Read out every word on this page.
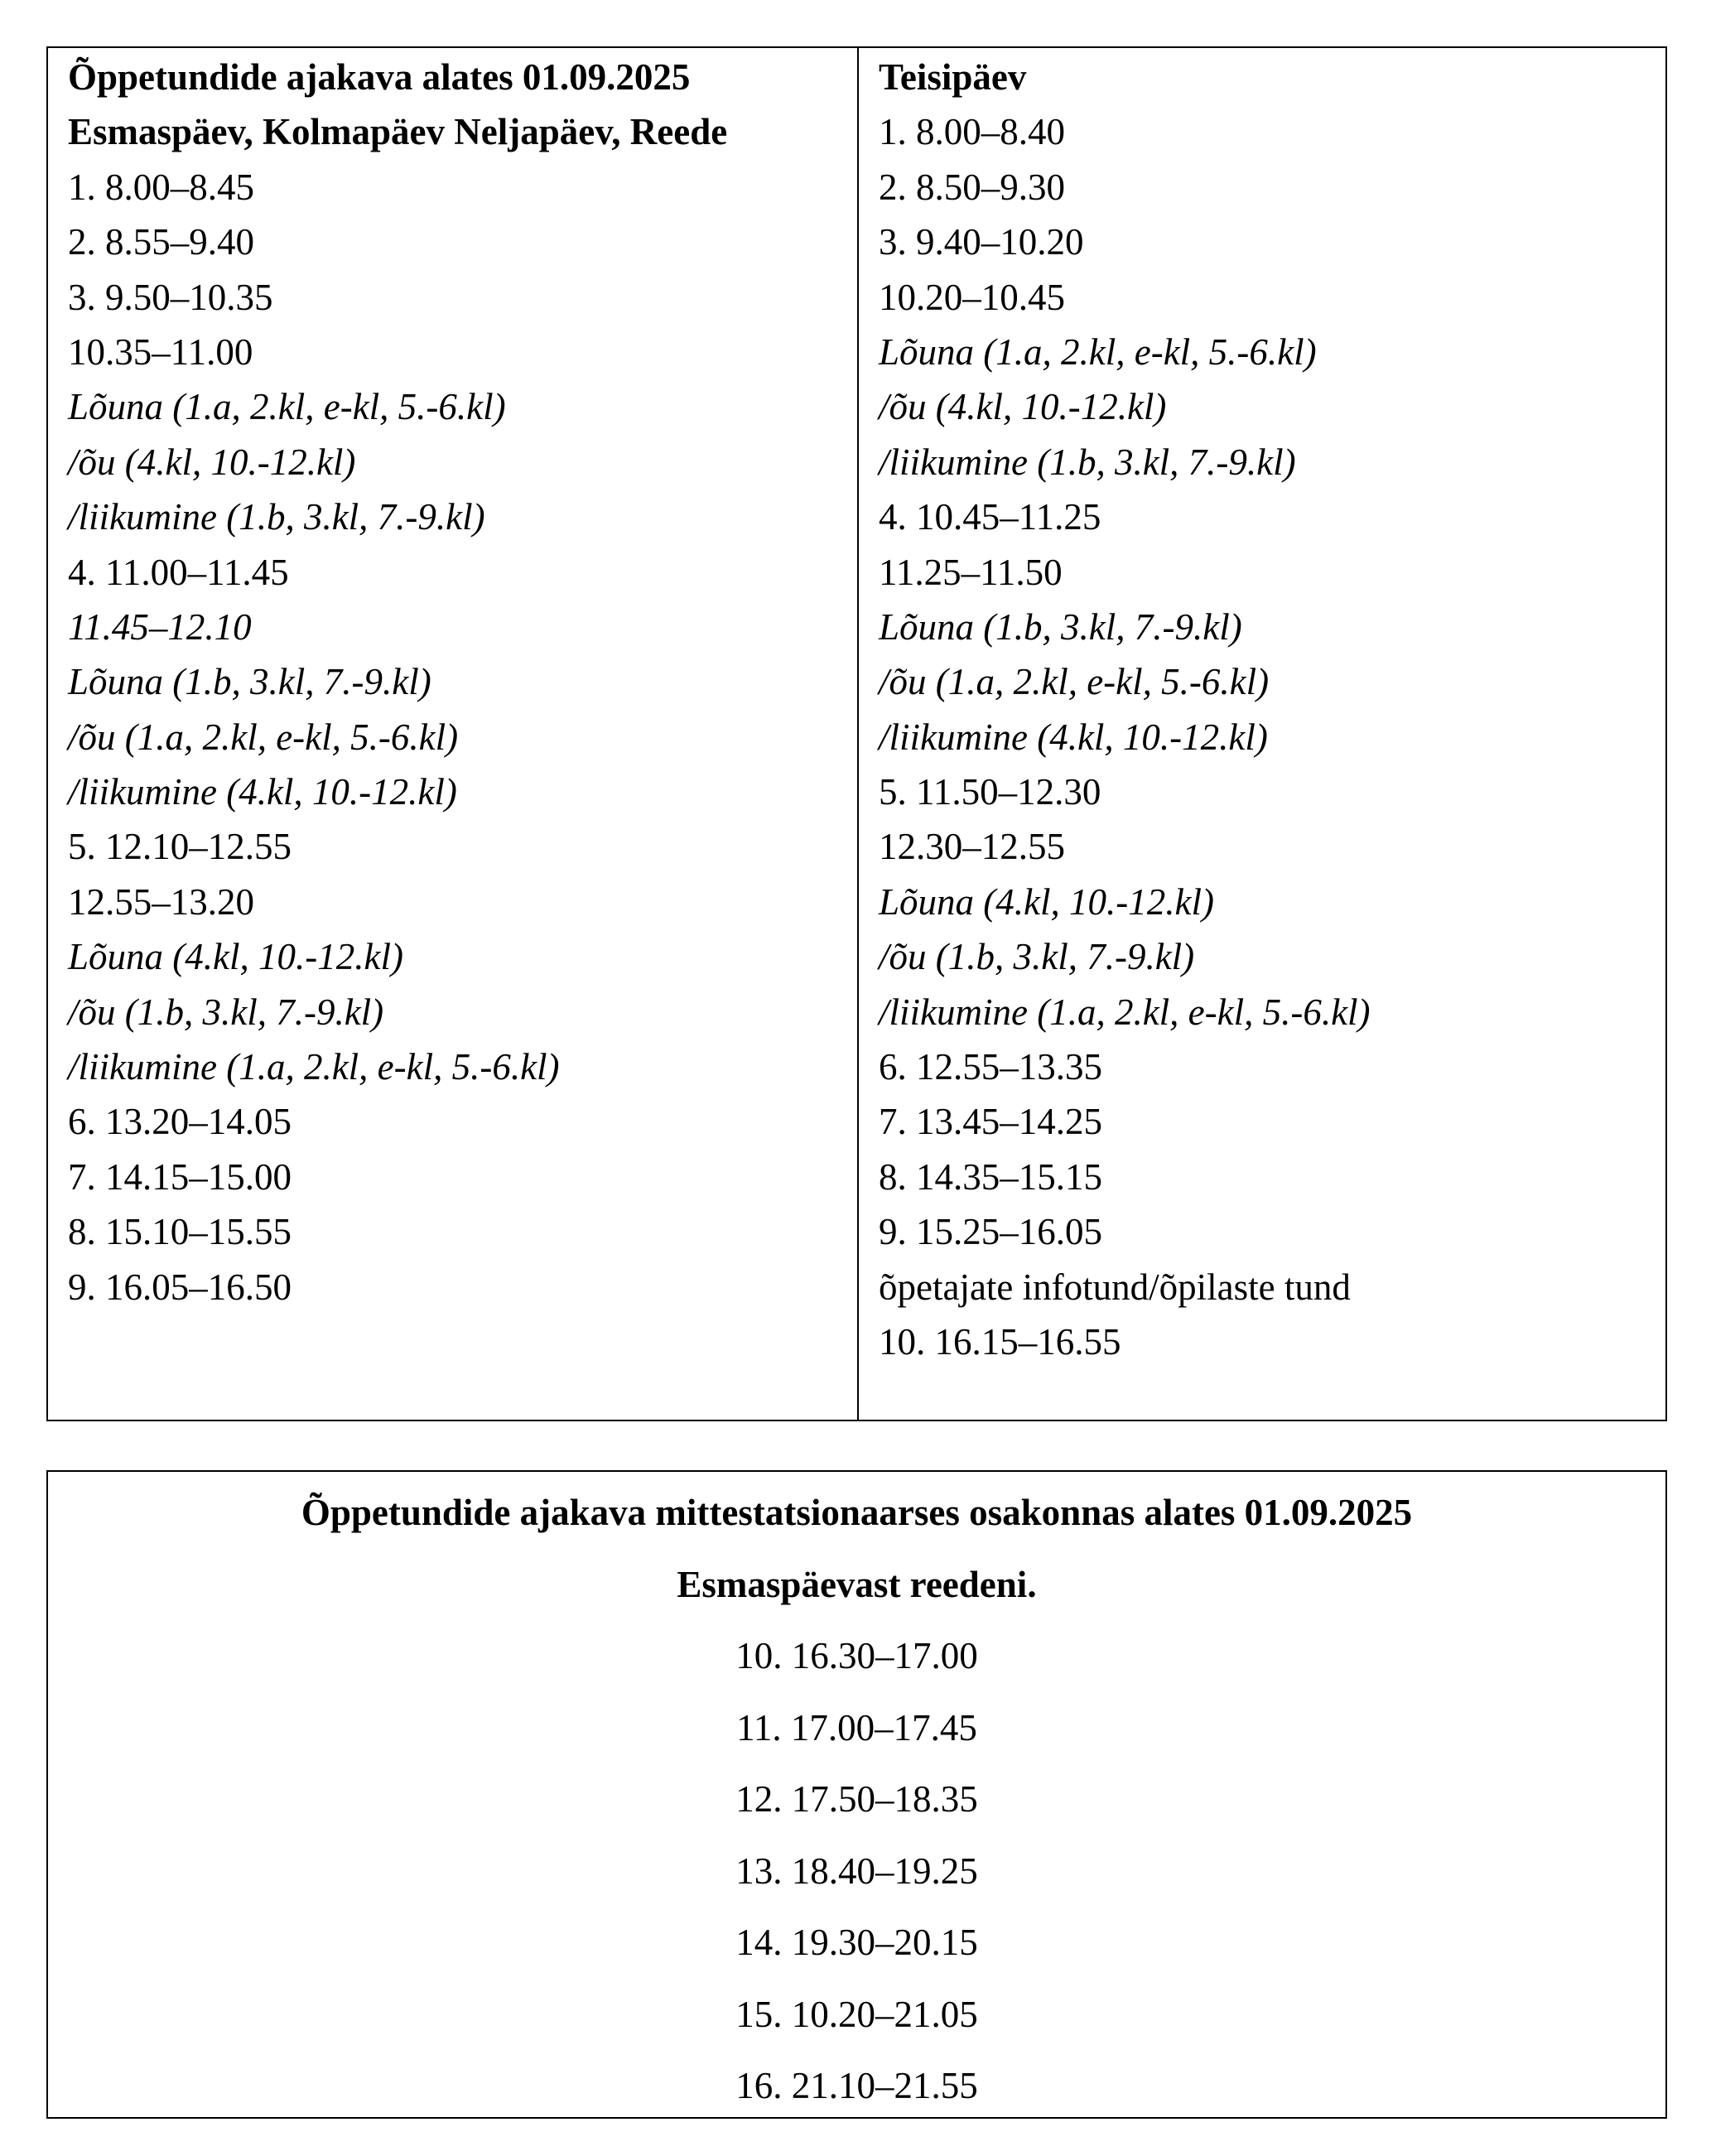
Õppetundide ajakava alates 01.09.2025
Esmaspäev, Kolmapäev Neljapäev, Reede
1. 8.00–8.45
2. 8.55–9.40
3. 9.50–10.35
10.35–11.00
Lõuna (1.a, 2.kl, e-kl, 5.-6.kl)
/õu (4.kl, 10.-12.kl)
/liikumine (1.b, 3.kl, 7.-9.kl)
4. 11.00–11.45
11.45–12.10
Lõuna (1.b, 3.kl, 7.-9.kl)
/õu (1.a, 2.kl, e-kl, 5.-6.kl)
/liikumine (4.kl, 10.-12.kl)
5. 12.10–12.55
12.55–13.20
Lõuna (4.kl, 10.-12.kl)
/õu (1.b, 3.kl, 7.-9.kl)
/liikumine (1.a, 2.kl, e-kl, 5.-6.kl)
6. 13.20–14.05
7. 14.15–15.00
8. 15.10–15.55
9. 16.05–16.50
Teisipäev
1. 8.00–8.40
2. 8.50–9.30
3. 9.40–10.20
10.20–10.45
Lõuna (1.a, 2.kl, e-kl, 5.-6.kl)
/õu (4.kl, 10.-12.kl)
/liikumine (1.b, 3.kl, 7.-9.kl)
4. 10.45–11.25
11.25–11.50
Lõuna (1.b, 3.kl, 7.-9.kl)
/õu (1.a, 2.kl, e-kl, 5.-6.kl)
/liikumine (4.kl, 10.-12.kl)
5. 11.50–12.30
12.30–12.55
Lõuna (4.kl, 10.-12.kl)
/õu (1.b, 3.kl, 7.-9.kl)
/liikumine (1.a, 2.kl, e-kl, 5.-6.kl)
6. 12.55–13.35
7. 13.45–14.25
8. 14.35–15.15
9. 15.25–16.05
õpetajate infotund/õpilaste tund
10. 16.15–16.55
Õppetundide ajakava mittestatsionaarses osakonnas alates 01.09.2025
Esmaspäevast reedeni.
10. 16.30–17.00
11. 17.00–17.45
12. 17.50–18.35
13. 18.40–19.25
14. 19.30–20.15
15. 10.20–21.05
16. 21.10–21.55
